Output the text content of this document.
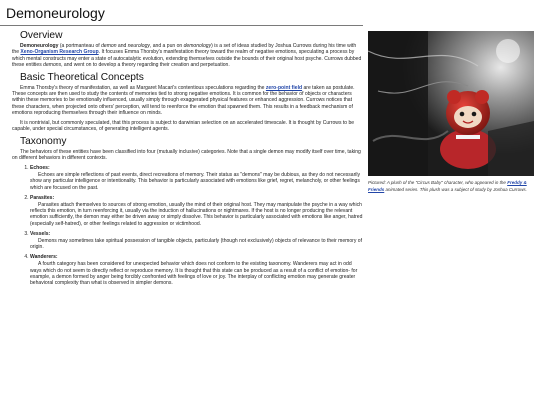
Demoneurology
Overview

Demoneurology (a portmanteau of demon and neurology, and a pun on demonology) is a set of ideas studied by Joshua Currows during his time with the Xeno-Organism Research Group. It focuses Emma Thorsby's manifestation theory toward the realm of negative emotions, speculating a process by which mental constructs may enter a state of autocatalytic evolution, extending themselves outside the bounds of their original host psyche. Currows dubbed these entities demons, and went on to develop a theory regarding their creation and perpetuation.

Basic Theoretical Concepts

Emma Thorsby's theory of manifestation, as well as Margaret Macari's contentious speculations regarding the zero-point field are taken as postulate. These concepts are then used to study the contents of memories tied to strong negative emotions. It is common for the behavior of objects or characters within these memories to be emotionally influenced, usually simply through exaggerated physical features or enhanced aggression. Currows notices that these characters, when projected onto others' perception, will tend to reenforce the emotion that spawned them. This results in a feedback mechanism of emotions reproducing themselves through their influence on minds.

It is nontrivial, but commonly speculated, that this process is subject to darwinian selection on an accelerated timescale. It is thought by Currows to be capable, under special circumstances, of generating intelligent agents.

Taxonomy

The behaviors of these entities have been classified into four (mutually inclusive) categories. Note that a single demon may modify itself over time, taking on different behaviors in different contexts.

1. Echoes:

Echoes are simple reflections of past events, direct recreations of memory. Their status as "demons" may be dubious, as they do not necessarily show any particular intelligence or intentionality. This behavior is particularly associated with emotions like grief, regret, melancholy, or other feelings which are focused on the past.

2. Parasites:

Parasites attach themselves to sources of strong emotion, usually the mind of their original host. They may manipulate the psyche in a way which reflects this emotion, in turn reenforcing it, usually via the induction of hallucinations or nightmares. If the host is no longer producing the relevant emotion sufficiently, the demon may either be driven away or simply dissolve. This behavior is particularly associated with emotions like anger, hatred (especially self-hatred), or other feelings related to aggression or victimhood.

3. Vessels:

Demons may sometimes take spiritual possession of tangible objects, particularly (though not exclusively) objects of relevance to their memory of origin.

4. Wanderers:

A fourth category has been considered for unexpected behavior which does not conform to the existing taxonomy. Wanderers may act in odd ways which do not seem to directly reflect or reproduce memory. It is thought that this state can be produced as a result of a conflict of emotion- for example, a demon formed by anger being forcibly confronted with feelings of love or joy. The interplay of conflicting emotion may generate greater behavioral complexity than what is observed in simpler demons.

Pictured: A plush of the "Circus Baby" character, who appeared in the Freddy & Friends animated series. This plush was a subject of study by Joshua Currows.
